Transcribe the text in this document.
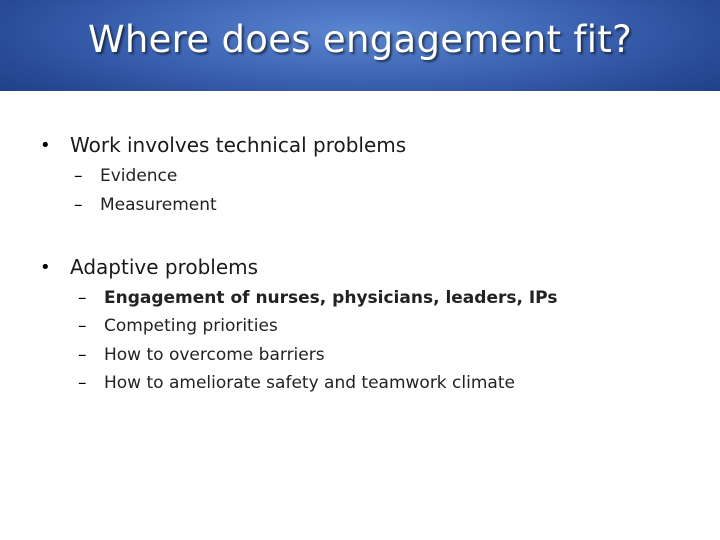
Where does engagement fit?
• Work involves technical problems
– Evidence
– Measurement
• Adaptive problems
– Engagement of nurses, physicians, leaders, IPs
– Competing priorities
– How to overcome barriers
– How to ameliorate safety and teamwork climate
